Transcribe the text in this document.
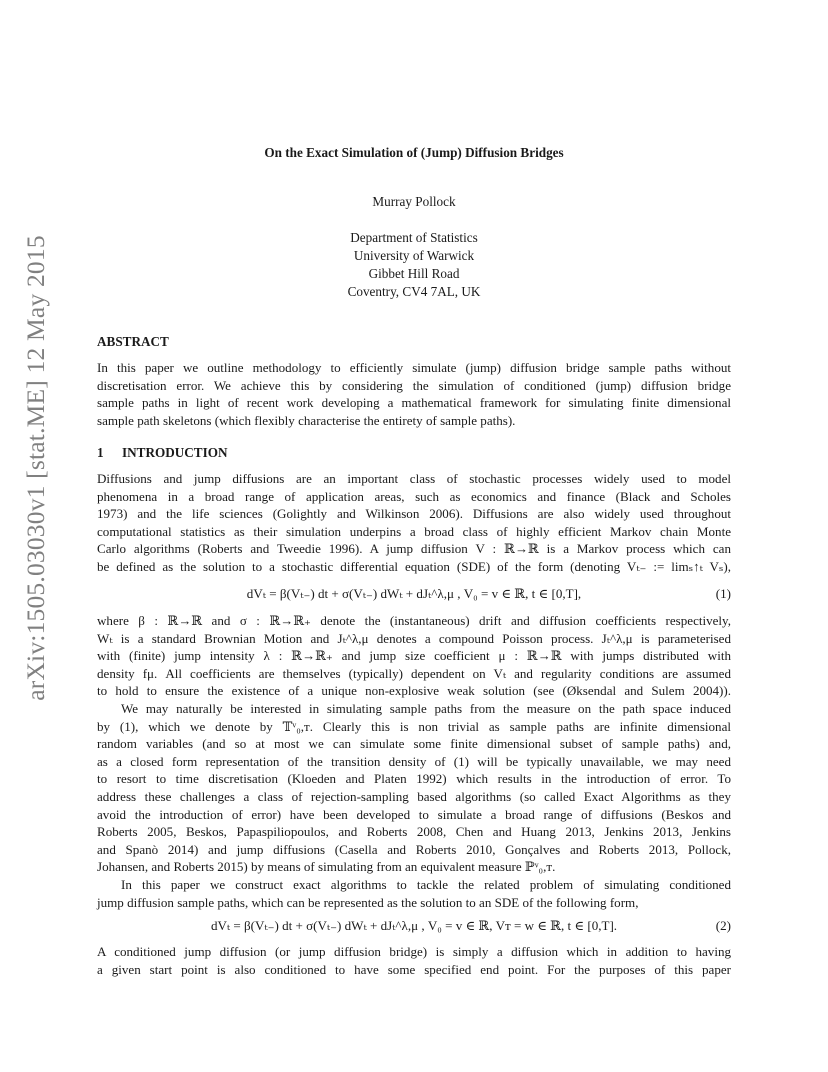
arXiv:1505.03030v1 [stat.ME] 12 May 2015
On the Exact Simulation of (Jump) Diffusion Bridges
Murray Pollock
Department of Statistics
University of Warwick
Gibbet Hill Road
Coventry, CV4 7AL, UK
ABSTRACT
In this paper we outline methodology to efficiently simulate (jump) diffusion bridge sample paths without
discretisation error. We achieve this by considering the simulation of conditioned (jump) diffusion bridge
sample paths in light of recent work developing a mathematical framework for simulating finite dimensional
sample path skeletons (which flexibly characterise the entirety of sample paths).
1 INTRODUCTION
Diffusions and jump diffusions are an important class of stochastic processes widely used to model
phenomena in a broad range of application areas, such as economics and finance (Black and Scholes
1973) and the life sciences (Golightly and Wilkinson 2006). Diffusions are also widely used throughout
computational statistics as their simulation underpins a broad class of highly efficient Markov chain Monte
Carlo algorithms (Roberts and Tweedie 1996). A jump diffusion V : ℝ→ℝ is a Markov process which can
be defined as the solution to a stochastic differential equation (SDE) of the form (denoting Vₜ₋ := limₛ↑ₜ Vₛ),
dVₜ = β(Vₜ₋) dt + σ(Vₜ₋) dWₜ + dJₜ^λ,μ , V₀ = v ∈ ℝ, t ∈ [0,T],	(1)
where β : ℝ→ℝ and σ : ℝ→ℝ₊ denote the (instantaneous) drift and diffusion coefficients respectively,
Wₜ is a standard Brownian Motion and Jₜ^λ,μ denotes a compound Poisson process. Jₜ^λ,μ is parameterised
with (finite) jump intensity λ : ℝ→ℝ₊ and jump size coefficient μ : ℝ→ℝ with jumps distributed with
density fμ. All coefficients are themselves (typically) dependent on Vₜ and regularity conditions are assumed
to hold to ensure the existence of a unique non-explosive weak solution (see (Øksendal and Sulem 2004)).
We may naturally be interested in simulating sample paths from the measure on the path space induced
by (1), which we denote by 𝕋ᵛ₀,ᴛ. Clearly this is non trivial as sample paths are infinite dimensional
random variables (and so at most we can simulate some finite dimensional subset of sample paths) and,
as a closed form representation of the transition density of (1) will be typically unavailable, we may need
to resort to time discretisation (Kloeden and Platen 1992) which results in the introduction of error. To
address these challenges a class of rejection-sampling based algorithms (so called Exact Algorithms as they
avoid the introduction of error) have been developed to simulate a broad range of diffusions (Beskos and
Roberts 2005, Beskos, Papaspiliopoulos, and Roberts 2008, Chen and Huang 2013, Jenkins 2013, Jenkins
and Spanò 2014) and jump diffusions (Casella and Roberts 2010, Gonçalves and Roberts 2013, Pollock,
Johansen, and Roberts 2015) by means of simulating from an equivalent measure ℙᵛ₀,ᴛ.
In this paper we construct exact algorithms to tackle the related problem of simulating conditioned
jump diffusion sample paths, which can be represented as the solution to an SDE of the following form,
dVₜ = β(Vₜ₋) dt + σ(Vₜ₋) dWₜ + dJₜ^λ,μ , V₀ = v ∈ ℝ, Vᴛ = w ∈ ℝ, t ∈ [0,T].	(2)
A conditioned jump diffusion (or jump diffusion bridge) is simply a diffusion which in addition to having
a given start point is also conditioned to have some specified end point. For the purposes of this paper
